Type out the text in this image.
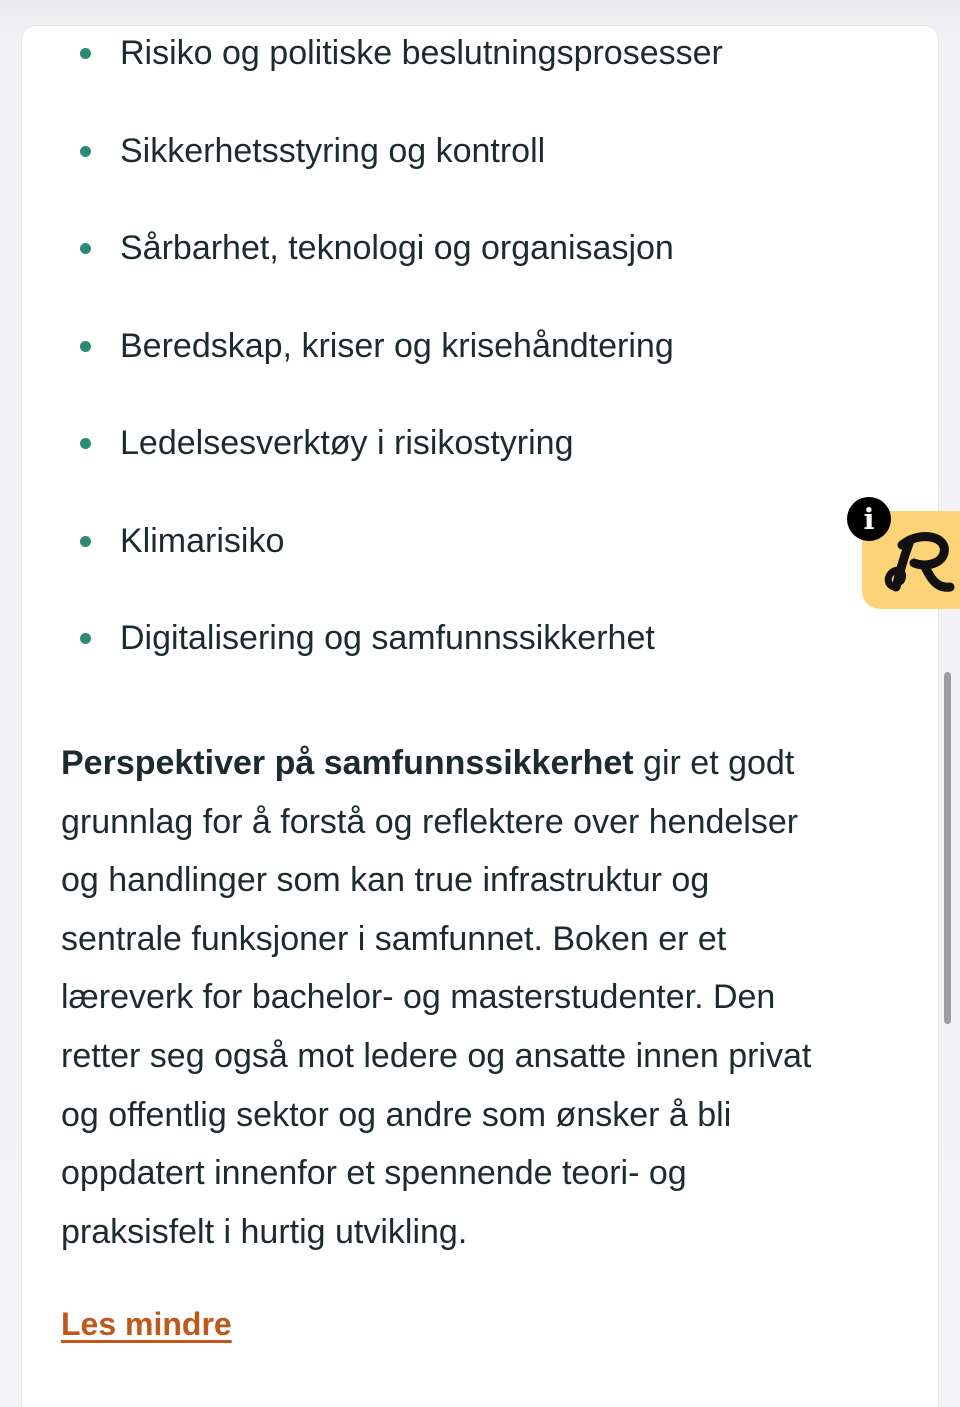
Risiko og politiske beslutningsprosesser
Sikkerhetsstyring og kontroll
Sårbarhet, teknologi og organisasjon
Beredskap, kriser og krisehåndtering
Ledelsesverktøy i risikostyring
Klimarisiko
Digitalisering og samfunnssikkerhet

Perspektiver på samfunnssikkerhet gir et godt
grunnlag for å forstå og reflektere over hendelser
og handlinger som kan true infrastruktur og
sentrale funksjoner i samfunnet. Boken er et
læreverk for bachelor- og masterstudenter. Den
retter seg også mot ledere og ansatte innen privat
og offentlig sektor og andre som ønsker å bli
oppdatert innenfor et spennende teori- og
praksisfelt i hurtig utvikling.

Les mindre
i
